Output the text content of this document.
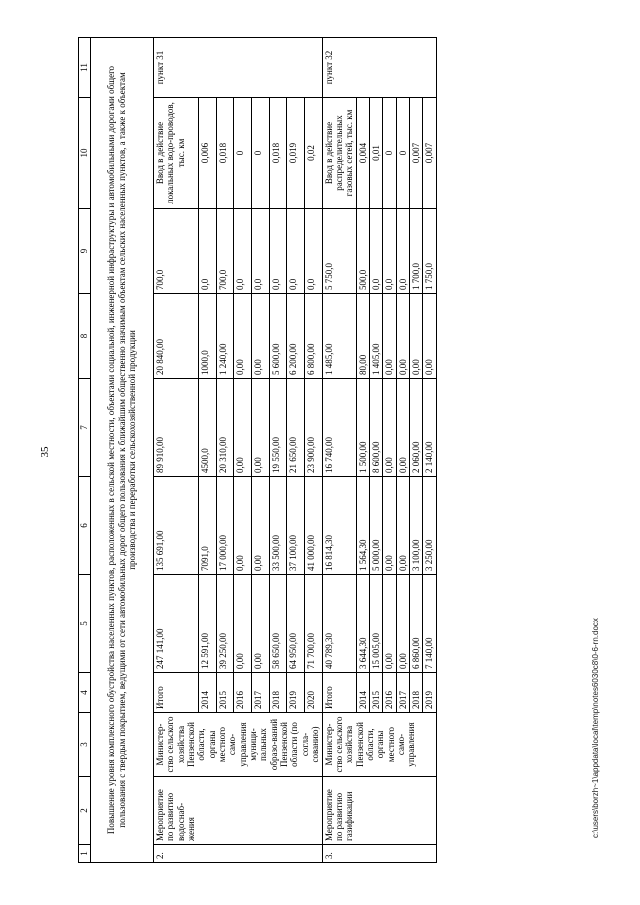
35
c:\users\borzh~1\appdata\local\temp\notes6030c8\0-6-rn.docx
1	2	3	4	5	6	7	8	9	10	11
Повышение уровня комплексного обустройства населенных пунктов, расположенных в сельской местности, объектами социальной, инженерной инфраструктуры и автомобильными дорогами общего пользования с твердым покрытием, ведущими от сети автомобильных дорог общего пользования к ближайшим общественно значимым объектам сельских населенных пунктов, а также к объектам производства и переработки сельскохозяйственной продукции										
2.	Мероприятие по развитию водоснаб-жения	Министер-ство сельского хозяйства Пензенской области, органы местного само-управления муници-пальных образо-ваний Пензенской области (по согла-сованию)	Итого	247 141,00	135 691,00	89 910,00	20 840,00	700,0	Ввод в действие локальных водо-проводов, тыс. км	пункт 31
			2014	12 591,00	7091,0	4500,0	1000,0	0,0	0,006	
			2015	39 250,00	17 000,00	20 310,00	1 240,00	700,0	0,018	
			2016	0,00	0,00	0,00	0,00	0,0	0	
			2017	0,00	0,00	0,00	0,00	0,0	0	
			2018	58 650,00	33 500,00	19 550,00	5 600,00	0,0	0,018	
			2019	64 950,00	37 100,00	21 650,00	6 200,00	0,0	0,019	
			2020	71 700,00	41 000,00	23 900,00	6 800,00	0,0	0,02	
3.	Мероприятие по развитию газификации	Министер-ство сельского хозяйства Пензенской области, органы местного само-управления	Итого	40 789,30	16 814,30	16 740,00	1 485,00	5 750,0	Ввод в действие распределительных газовых сетей, тыс. км	пункт 32
			2014	3 644,30	1 564,30	1 500,00	80,00	500,0	0,004	
			2015	15 005,00	5 000,00	8 600,00	1 405,00	0,0	0,01	
			2016	0,00	0,00	0,00	0,00	0,0	0	
			2017	0,00	0,00	0,00	0,00	0,0	0	
			2018	6 860,00	3 100,00	2 060,00	0,00	1 700,0	0,007	
			2019	7 140,00	3 250,00	2 140,00	0,00	1 750,0	0,007	
